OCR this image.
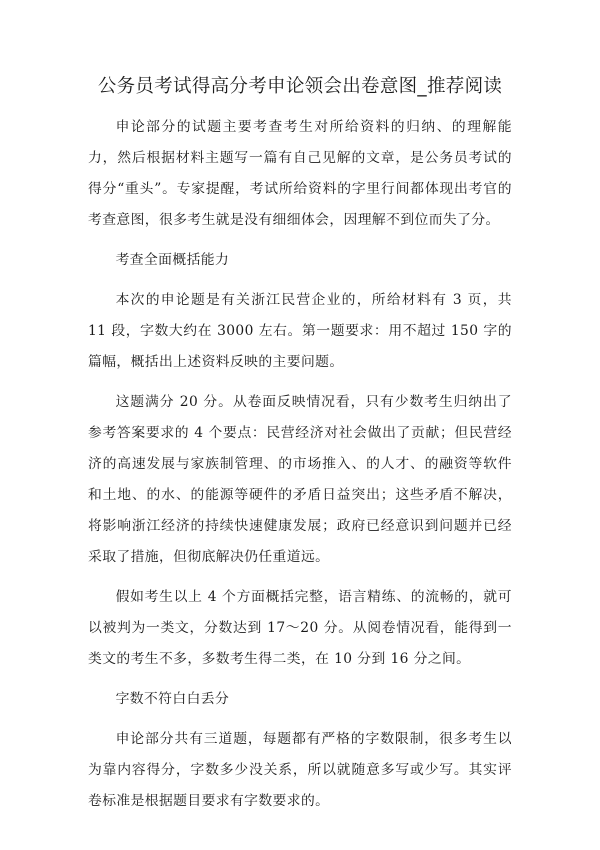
公务员考试得高分考申论领会出卷意图_推荐阅读

申论部分的试题主要考查考生对所给资料的归纳、的理解能力，然后根据材料主题写一篇有自己见解的文章，是公务员考试的得分“重头”。专家提醒，考试所给资料的字里行间都体现出考官的考查意图，很多考生就是没有细细体会，因理解不到位而失了分。

考查全面概括能力

本次的申论题是有关浙江民营企业的，所给材料有 3 页，共 11 段，字数大约在 3000 左右。第一题要求：用不超过 150 字的篇幅，概括出上述资料反映的主要问题。

这题满分 20 分。从卷面反映情况看，只有少数考生归纳出了参考答案要求的 4 个要点：民营经济对社会做出了贡献；但民营经济的高速发展与家族制管理、的市场推入、的人才、的融资等软件和土地、的水、的能源等硬件的矛盾日益突出；这些矛盾不解决，将影响浙江经济的持续快速健康发展；政府已经意识到问题并已经采取了措施，但彻底解决仍任重道远。

假如考生以上 4 个方面概括完整，语言精练、的流畅的，就可以被判为一类文，分数达到 17～20 分。从阅卷情况看，能得到一类文的考生不多，多数考生得二类，在 10 分到 16 分之间。

字数不符白白丢分

申论部分共有三道题，每题都有严格的字数限制，很多考生以为靠内容得分，字数多少没关系，所以就随意多写或少写。其实评卷标准是根据题目要求有字数要求的。
